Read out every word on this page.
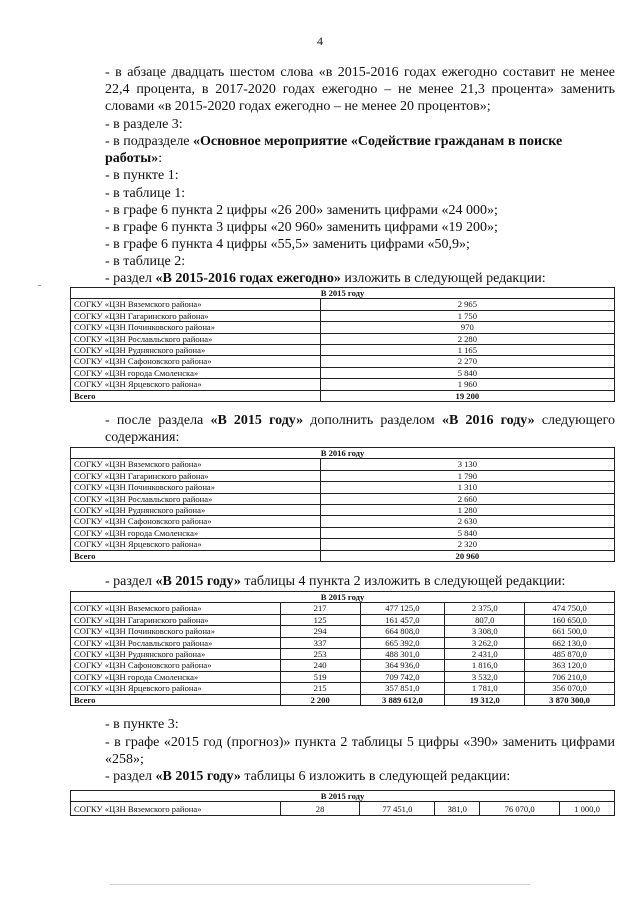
4
- в абзаце двадцать шестом слова «в 2015-2016 годах ежегодно составит не менее 22,4 процента, в 2017-2020 годах ежегодно – не менее 21,3 процента» заменить словами «в 2015-2020 годах ежегодно – не менее 20 процентов»;
- в разделе 3:
- в подразделе «Основное мероприятие «Содействие гражданам в поиске работы»:
- в пункте 1:
- в таблице 1:
- в графе 6 пункта 2 цифры «26 200» заменить цифрами «24 000»;
- в графе 6 пункта 3 цифры «20 960» заменить цифрами «19 200»;
- в графе 6 пункта 4 цифры «55,5» заменить цифрами «50,9»;
- в таблице 2:
- раздел «В 2015-2016 годах ежегодно» изложить в следующей редакции:
В 2015 году	
СОГКУ «ЦЗН Вяземского района»	2 965
СОГКУ «ЦЗН Гагаринского района»	1 750
СОГКУ «ЦЗН Починковского района»	970
СОГКУ «ЦЗН Рославльского района»	2 280
СОГКУ «ЦЗН Руднянского района»	1 165
СОГКУ «ЦЗН Сафоновского района»	2 270
СОГКУ «ЦЗН города Смоленска»	5 840
СОГКУ «ЦЗН Ярцевского района»	1 960
Всего	19 200
- после раздела «В 2015 году» дополнить разделом «В 2016 году» следующего содержания:
В 2016 году	
СОГКУ «ЦЗН Вяземского района»	3 130
СОГКУ «ЦЗН Гагаринского района»	1 790
СОГКУ «ЦЗН Починковского района»	1 310
СОГКУ «ЦЗН Рославльского района»	2 660
СОГКУ «ЦЗН Руднянского района»	1 280
СОГКУ «ЦЗН Сафоновского района»	2 630
СОГКУ «ЦЗН города Смоленска»	5 840
СОГКУ «ЦЗН Ярцевского района»	2 320
Всего	20 960
- раздел «В 2015 году» таблицы 4 пункта 2 изложить в следующей редакции:
В 2015 году				
СОГКУ «ЦЗН Вяземского района»	217	477 125,0	2 375,0	474 750,0
СОГКУ «ЦЗН Гагаринского района»	125	161 457,0	807,0	160 650,0
СОГКУ «ЦЗН Починковского района»	294	664 808,0	3 308,0	661 500,0
СОГКУ «ЦЗН Рославльского района»	337	665 392,0	3 262,0	662 130,0
СОГКУ «ЦЗН Руднянского района»	253	488 301,0	2 431,0	485 870,0
СОГКУ «ЦЗН Сафоновского района»	240	364 936,0	1 816,0	363 120,0
СОГКУ «ЦЗН города Смоленска»	519	709 742,0	3 532,0	706 210,0
СОГКУ «ЦЗН Ярцевского района»	215	357 851,0	1 781,0	356 070,0
Всего	2 200	3 889 612,0	19 312,0	3 870 300,0
- в пункте 3:
- в графе «2015 год (прогноз)» пункта 2 таблицы 5 цифры «390» заменить цифрами «258»;
- раздел «В 2015 году» таблицы 6 изложить в следующей редакции:
В 2015 году
СОГКУ «ЦЗН Вяземского района»	28	77 451,0	381,0	76 070,0	1 000,0
